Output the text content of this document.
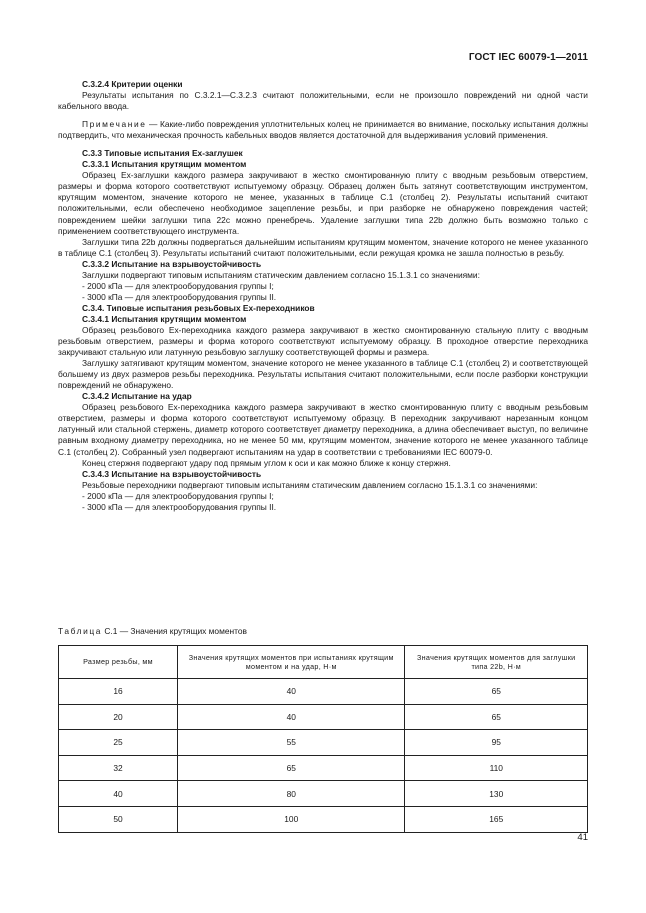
ГОСТ IEC 60079-1—2011

С.3.2.4 Критерии оценки

Результаты испытания по С.3.2.1—С.3.2.3 считают положительными, если не произошло повреждений ни одной части кабельного ввода.

Примечание — Какие-либо повреждения уплотнительных колец не принимается во внимание, поскольку испытания должны подтвердить, что механическая прочность кабельных вводов является достаточной для выдерживания условий применения.

С.3.3 Типовые испытания Ех-заглушек

С.3.3.1 Испытания крутящим моментом

Образец Ех-заглушки каждого размера закручивают в жестко смонтированную плиту с вводным резьбовым отверстием, размеры и форма которого соответствуют испытуемому образцу. Образец должен быть затянут соответствующим инструментом, крутящим моментом, значение которого не менее, указанных в таблице С.1 (столбец 2). Результаты испытаний считают положительными, если обеспечено необходимое зацепление резьбы, и при разборке не обнаружено повреждения частей; повреждением шейки заглушки типа 22с можно пренебречь. Удаление заглушки типа 22b должно быть возможно только с применением соответствующего инструмента.

Заглушки типа 22b должны подвергаться дальнейшим испытаниям крутящим моментом, значение которого не менее указанного в таблице С.1 (столбец 3). Результаты испытаний считают положительными, если режущая кромка не зашла полностью в резьбу.

С.3.3.2 Испытание на взрывоустойчивость

Заглушки подвергают типовым испытаниям статическим давлением согласно 15.1.3.1 со значениями:

- 2000 кПа — для электрооборудования группы I;

- 3000 кПа — для электрооборудования группы II.

С.3.4. Типовые испытания резьбовых Ех-переходников

С.3.4.1 Испытания крутящим моментом

Образец резьбового Ех-переходника каждого размера закручивают в жестко смонтированную стальную плиту с вводным резьбовым отверстием, размеры и форма которого соответствуют испытуемому образцу. В проходное отверстие переходника закручивают стальную или латунную резьбовую заглушку соответствующей формы и размера.

Заглушку затягивают крутящим моментом, значение которого не менее указанного в таблице С.1 (столбец 2) и соответствующей большему из двух размеров резьбы переходника. Результаты испытания считают положительными, если после разборки конструкции повреждений не обнаружено.

С.3.4.2 Испытание на удар

Образец резьбового Ех-переходника каждого размера закручивают в жестко смонтированную плиту с вводным резьбовым отверстием, размеры и форма которого соответствуют испытуемому образцу. В переходник закручивают нарезанным концом латунный или стальной стержень, диаметр которого соответствует диаметру переходника, а длина обеспечивает выступ, по величине равным входному диаметру переходника, но не менее 50 мм, крутящим моментом, значение которого не менее указанного таблице С.1 (столбец 2). Собранный узел подвергают испытаниям на удар в соответствии с требованиями IEC 60079-0.

Конец стержня подвергают удару под прямым углом к оси и как можно ближе к концу стержня.

С.3.4.3 Испытание на взрывоустойчивость

Резьбовые переходники подвергают типовым испытаниям статическим давлением согласно 15.1.3.1 со значениями:

- 2000 кПа — для электрооборудования группы I;

- 3000 кПа — для электрооборудования группы II.

Таблица С.1 — Значения крутящих моментов
Размер резьбы, мм	Значения крутящих моментов при испытаниях крутящим моментом и на удар, Н·м	Значения крутящих моментов для заглушки типа 22b, Н·м
16	40	65
20	40	65
25	55	95
32	65	110
40	80	130
50	100	165
41
